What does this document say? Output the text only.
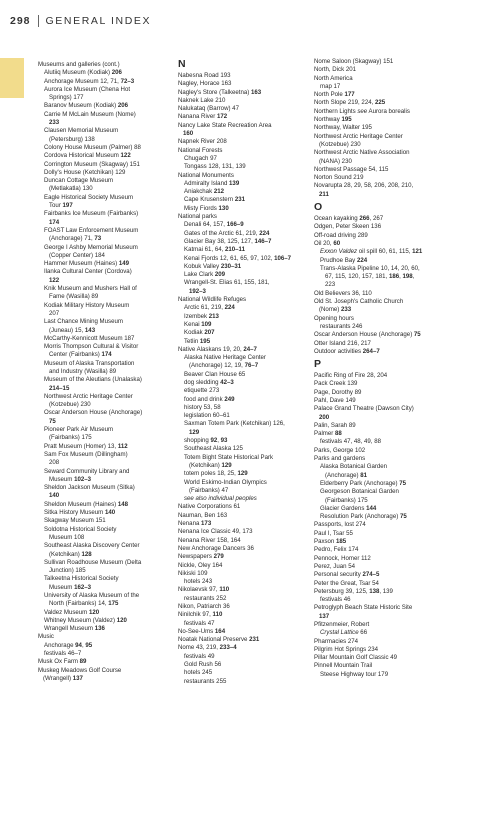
298 GENERAL INDEX
Museums and galleries (cont.)
Alutiiq Museum (Kodiak) 206
Anchorage Museum 12, 71, 72–3
Aurora Ice Museum (Chena Hot
Springs) 177
Baranov Museum (Kodiak) 206
Carrie M McLain Museum (Nome)
233
Clausen Memorial Museum
(Petersburg) 138
Colony House Museum (Palmer) 88
Cordova Historical Museum 122
Corrington Museum (Skagway) 151
Dolly's House (Ketchikan) 129
Duncan Cottage Museum
(Metlakatla) 130
Eagle Historical Society Museum
Tour 197
Fairbanks Ice Museum (Fairbanks)
174
FOAST Law Enforcement Museum
(Anchorage) 71, 73
George I Ashby Memorial Museum
(Copper Center) 184
Hammer Museum (Haines) 149
Ilanka Cultural Center (Cordova)
122
Knik Museum and Mushers Hall of
Fame (Wasilla) 89
Kodiak Military History Museum
207
Last Chance Mining Museum
(Juneau) 15, 143
McCarthy-Kennicott Museum 187
Morris Thompson Cultural & Visitor
Center (Fairbanks) 174
Museum of Alaska Transportation
and Industry (Wasilla) 89
Museum of the Aleutians (Unalaska)
214–15
Northwest Arctic Heritage Center
(Kotzebue) 230
Oscar Anderson House (Anchorage)
75
Pioneer Park Air Museum
(Fairbanks) 175
Pratt Museum (Homer) 13, 112
Sam Fox Museum (Dillingham)
208
Seward Community Library and
Museum 102–3
Sheldon Jackson Museum (Sitka)
140
Sheldon Museum (Haines) 148
Sitka History Museum 140
Skagway Museum 151
Soldotna Historical Society
Museum 108
Southeast Alaska Discovery Center
(Ketchikan) 128
Sullivan Roadhouse Museum (Delta
Junction) 185
Talkeetna Historical Society
Museum 162–3
University of Alaska Museum of the
North (Fairbanks) 14, 175
Valdez Museum 120
Whitney Museum (Valdez) 120
Wrangell Museum 136
Music
Anchorage 94, 95
festivals 46–7
Musk Ox Farm 89
Muskeg Meadows Golf Course
(Wrangell) 137
N
Nabesna Road 193
Nagley, Horace 163
Nagley's Store (Talkeetna) 163
Naknek Lake 210
Nalukataq (Barrow) 47
Nanana River 172
Nancy Lake State Recreation Area
160
Napnek River 208
National Forests
Chugach 97
Tongass 128, 131, 139
National Monuments
Admiralty Island 139
Aniakchak 212
Cape Krusenstern 231
Misty Fiords 130
National parks
Denali 64, 157, 166–9
Gates of the Arctic 61, 219, 224
Glacier Bay 38, 125, 127, 146–7
Katmai 61, 64, 210–11
Kenai Fjords 12, 61, 65, 97, 102, 106–7
Kobuk Valley 230–31
Lake Clark 209
Wrangell-St. Elias 61, 155, 181,
192–3
National Wildlife Refuges
Arctic 61, 219, 224
Izembek 213
Kenai 109
Kodiak 207
Tetlin 195
Native Alaskans 19, 20, 24–7
Alaska Native Heritage Center
(Anchorage) 12, 19, 76–7
Beaver Clan House 65
dog sledding 42–3
etiquette 273
food and drink 249
history 53, 58
legislation 60–61
Saxman Totem Park (Ketchikan) 126,
129
shopping 92, 93
Southeast Alaska 125
Totem Bight State Historical Park
(Ketchikan) 129
totem poles 18, 25, 129
World Eskimo-Indian Olympics
(Fairbanks) 47
see also individual peoples
Native Corporations 61
Nauman, Ben 163
Nenana 173
Nenana Ice Classic 49, 173
Nenana River 158, 164
New Anchorage Dancers 36
Newspapers 279
Nickle, Oley 164
Nikiski 109
hotels 243
Nikolaevsk 97, 110
restaurants 252
Nikon, Patriarch 36
Ninilchik 97, 110
festivals 47
No-See-Ums 164
Noatak National Preserve 231
Nome 43, 219, 233–4
festivals 49
Gold Rush 56
hotels 245
restaurants 255
Nome Saloon (Skagway) 151
North, Dick 201
North America
map 17
North Pole 177
North Slope 219, 224, 225
Northern Lights see Aurora borealis
Northway 195
Northway, Walter 195
Northwest Arctic Heritage Center
(Kotzebue) 230
Northwest Arctic Native Association
(NANA) 230
Northwest Passage 54, 115
Norton Sound 219
Novarupta 28, 29, 58, 206, 208, 210,
211
O
Ocean kayaking 266, 267
Odgen, Peter Skeen 136
Off-road driving 289
Oil 20, 60
Exxon Valdez oil spill 60, 61, 115, 121
Prudhoe Bay 224
Trans-Alaska Pipeline 10, 14, 20, 60,
67, 115, 120, 157, 181, 186, 198,
223
Old Believers 36, 110
Old St. Joseph's Catholic Church
(Nome) 233
Opening hours
restaurants 246
Oscar Anderson House (Anchorage) 75
Otter Island 216, 217
Outdoor activities 264–7
P
Pacific Ring of Fire 28, 204
Pack Creek 139
Page, Dorothy 89
Pahl, Dave 149
Palace Grand Theatre (Dawson City)
200
Palin, Sarah 89
Palmer 88
festivals 47, 48, 49, 88
Parks, George 102
Parks and gardens
Alaska Botanical Garden
(Anchorage) 81
Elderberry Park (Anchorage) 75
Georgeson Botanical Garden
(Fairbanks) 175
Glacier Gardens 144
Resolution Park (Anchorage) 75
Passports, lost 274
Paul I, Tsar 55
Paxson 185
Pedro, Felix 174
Pennock, Homer 112
Perez, Juan 54
Personal security 274–5
Peter the Great, Tsar 54
Petersburg 39, 125, 138, 139
festivals 46
Petroglyph Beach State Historic Site
137
Pfitzenmeier, Robert
Crystal Lattice 66
Pharmacies 274
Pilgrim Hot Springs 234
Pillar Mountain Golf Classic 49
Pinnell Mountain Trail
Steese Highway tour 179
